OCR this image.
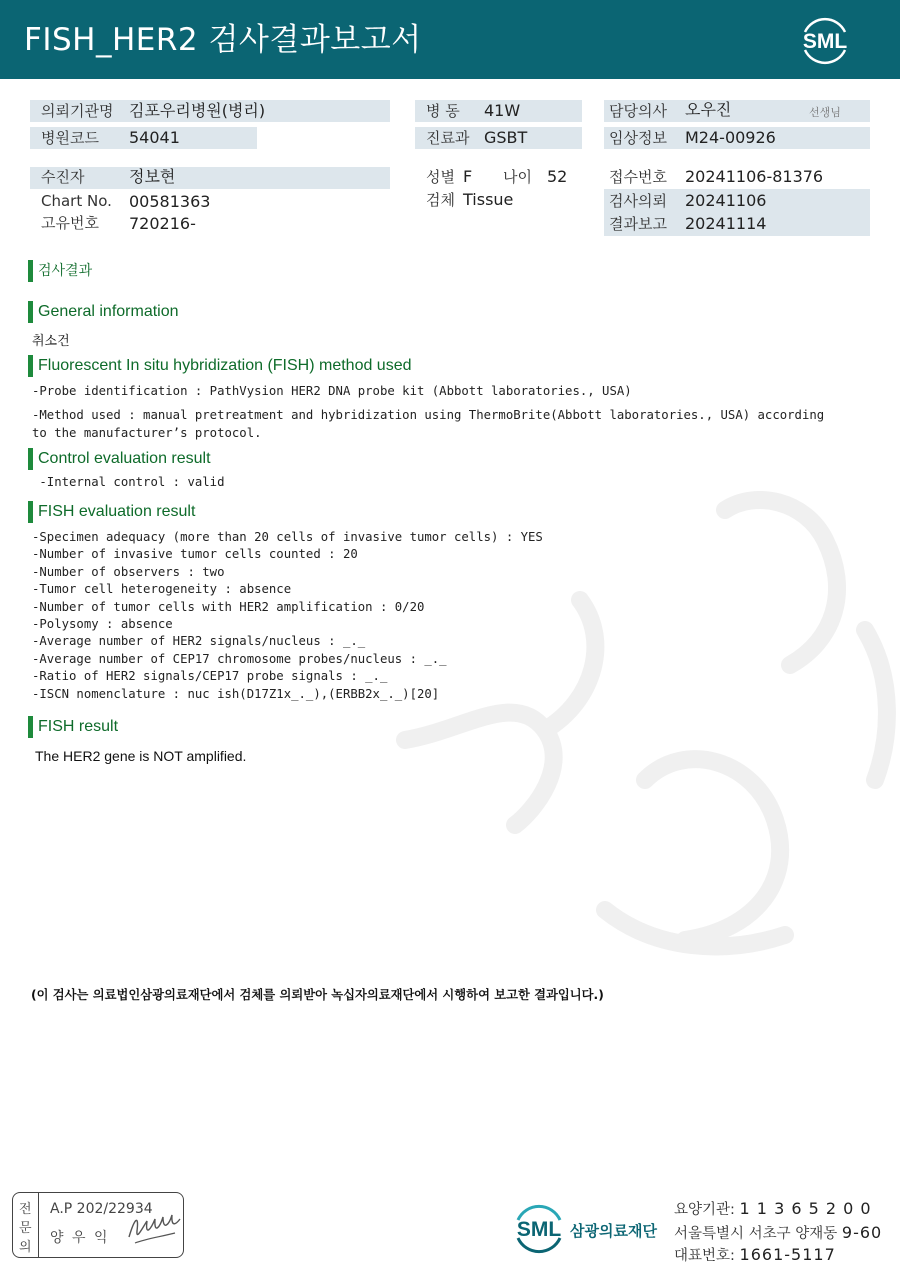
FISH_HER2 검사결과보고서	SML
의뢰기관명 김포우리병원(병리)
병원코드 54041
병 동 41W
진료과 GSBT
담당의사 오우진	선생님
임상정보 M24-00926
수진자	정보현
Chart No. 00581363
고유번호 720216-
성별 F 나이 52
검체 Tissue
접수번호 20241106-81376
검사의뢰 20241106
결과보고 20241114
검사결과
General information
취소건
Fluorescent In situ hybridization (FISH) method used
-Probe identification : PathVysion HER2 DNA probe kit (Abbott laboratories., USA)
-Method used : manual pretreatment and hybridization using ThermoBrite(Abbott laboratories., USA) according
to the manufacturer’s protocol.
Control evaluation result
-Internal control : valid
FISH evaluation result
-Specimen adequacy (more than 20 cells of invasive tumor cells) : YES
-Number of invasive tumor cells counted : 20
-Number of observers : two
-Tumor cell heterogeneity : absence
-Number of tumor cells with HER2 amplification : 0/20
-Polysomy : absence
-Average number of HER2 signals/nucleus : _._
-Average number of CEP17 chromosome probes/nucleus : _._
-Ratio of HER2 signals/CEP17 probe signals : _._
-ISCN nomenclature : nuc ish(D17Z1x_._),(ERBB2x_._)[20]
FISH result
The HER2 gene is NOT amplified.
(이 검사는 의료법인삼광의료재단에서 검체를 의뢰받아 녹십자의료재단에서 시행하여 보고한 결과입니다.)
전
문
의
A.P 202/22934
양 우 익	SML 삼광의료재단
요양기관: 1 1 3 6 5 2 0 0
서울특별시 서초구 양재동 9-60
대표번호: 1661-5117
